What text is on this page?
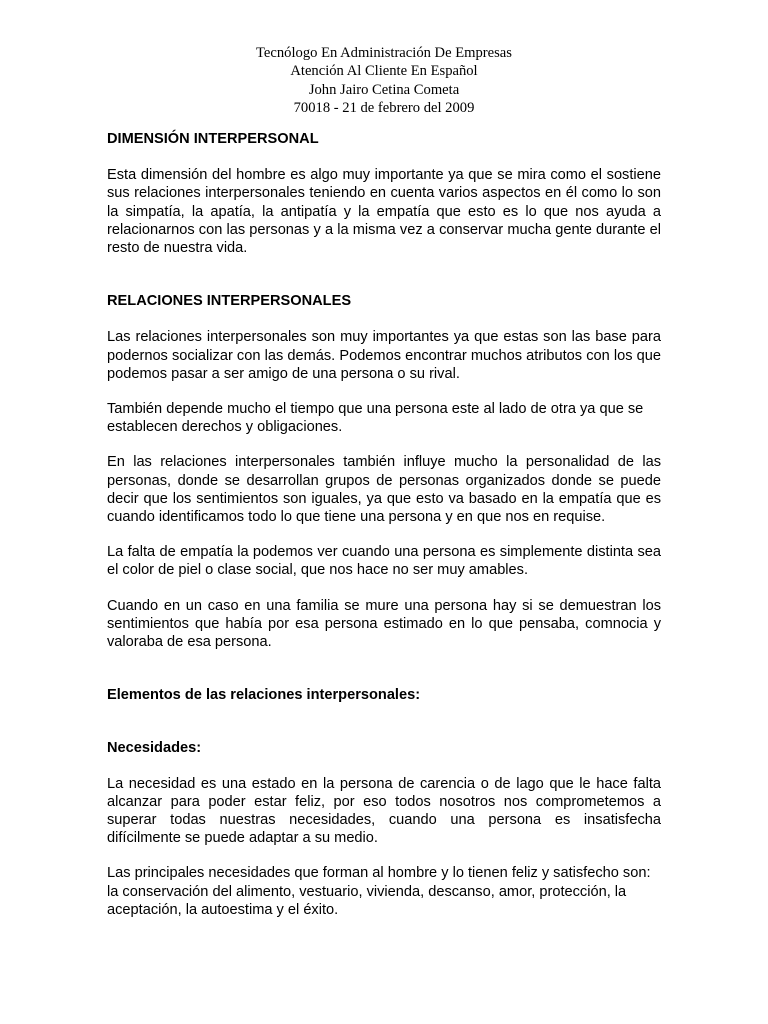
Tecnólogo En Administración De Empresas
Atención Al Cliente En Español
John Jairo Cetina Cometa
70018 - 21 de febrero del 2009

DIMENSIÓN INTERPERSONAL

Esta dimensión del hombre es algo muy importante ya que se mira como el sostiene sus relaciones interpersonales teniendo en cuenta varios aspectos en él como lo son la simpatía, la apatía, la antipatía y la empatía que esto es lo que nos ayuda a relacionarnos con las personas y a la misma vez a conservar mucha gente durante el resto de nuestra vida.

RELACIONES INTERPERSONALES

Las relaciones interpersonales son muy importantes ya que estas son las base para podernos socializar con las demás. Podemos encontrar muchos atributos con los que podemos pasar a ser amigo de una persona o su rival.

También depende mucho el tiempo que una persona este al lado de otra ya que se establecen derechos y obligaciones.

En las relaciones interpersonales también influye mucho la personalidad de las personas, donde se desarrollan grupos de personas organizados donde se puede decir que los sentimientos son iguales, ya que esto va basado en la empatía que es cuando identificamos todo lo que tiene una persona y en que nos en requise.

La falta de empatía la podemos ver cuando una persona es simplemente distinta sea el color de piel o clase social, que nos hace no ser muy amables.

Cuando en un caso en una familia se mure una persona hay si se demuestran los sentimientos que había por esa persona estimado en lo que pensaba, comnocia y valoraba de esa persona.

Elementos de las relaciones interpersonales:

Necesidades:

La necesidad es una estado en la persona de carencia o de lago que le hace falta alcanzar para poder estar feliz, por eso todos nosotros nos comprometemos a superar todas nuestras necesidades, cuando una persona es insatisfecha difícilmente se puede adaptar a su medio.

Las principales necesidades que forman al hombre y lo tienen feliz y satisfecho son: la conservación del alimento, vestuario, vivienda, descanso, amor, protección, la aceptación, la autoestima y el éxito.
